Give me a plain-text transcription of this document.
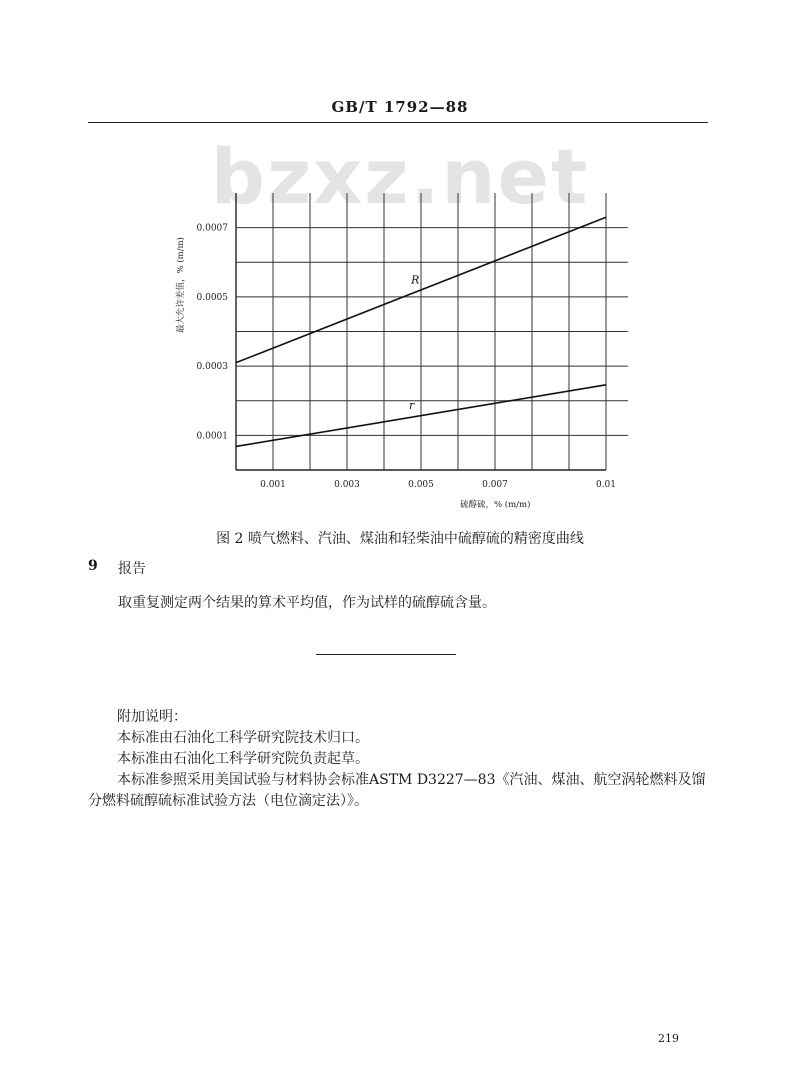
GB/T 1792—88
bzxz.net
0.001	0.003	0.005	0.007	0.01
0.0001
0.0003
0.0005
0.0007
硫醇硫，% (m/m)
最大允许差值，% (m/m)	R
r
图 2 喷气燃料、汽油、煤油和轻柴油中硫醇硫的精密度曲线
9 报告
取重复测定两个结果的算术平均值，作为试样的硫醇硫含量。
附加说明：
本标准由石油化工科学研究院技术归口。
本标准由石油化工科学研究院负责起草。
本标准参照采用美国试验与材料协会标准ASTM D3227—83《汽油、煤油、航空涡轮燃料及馏
分燃料硫醇硫标准试验方法（电位滴定法）》。
219
